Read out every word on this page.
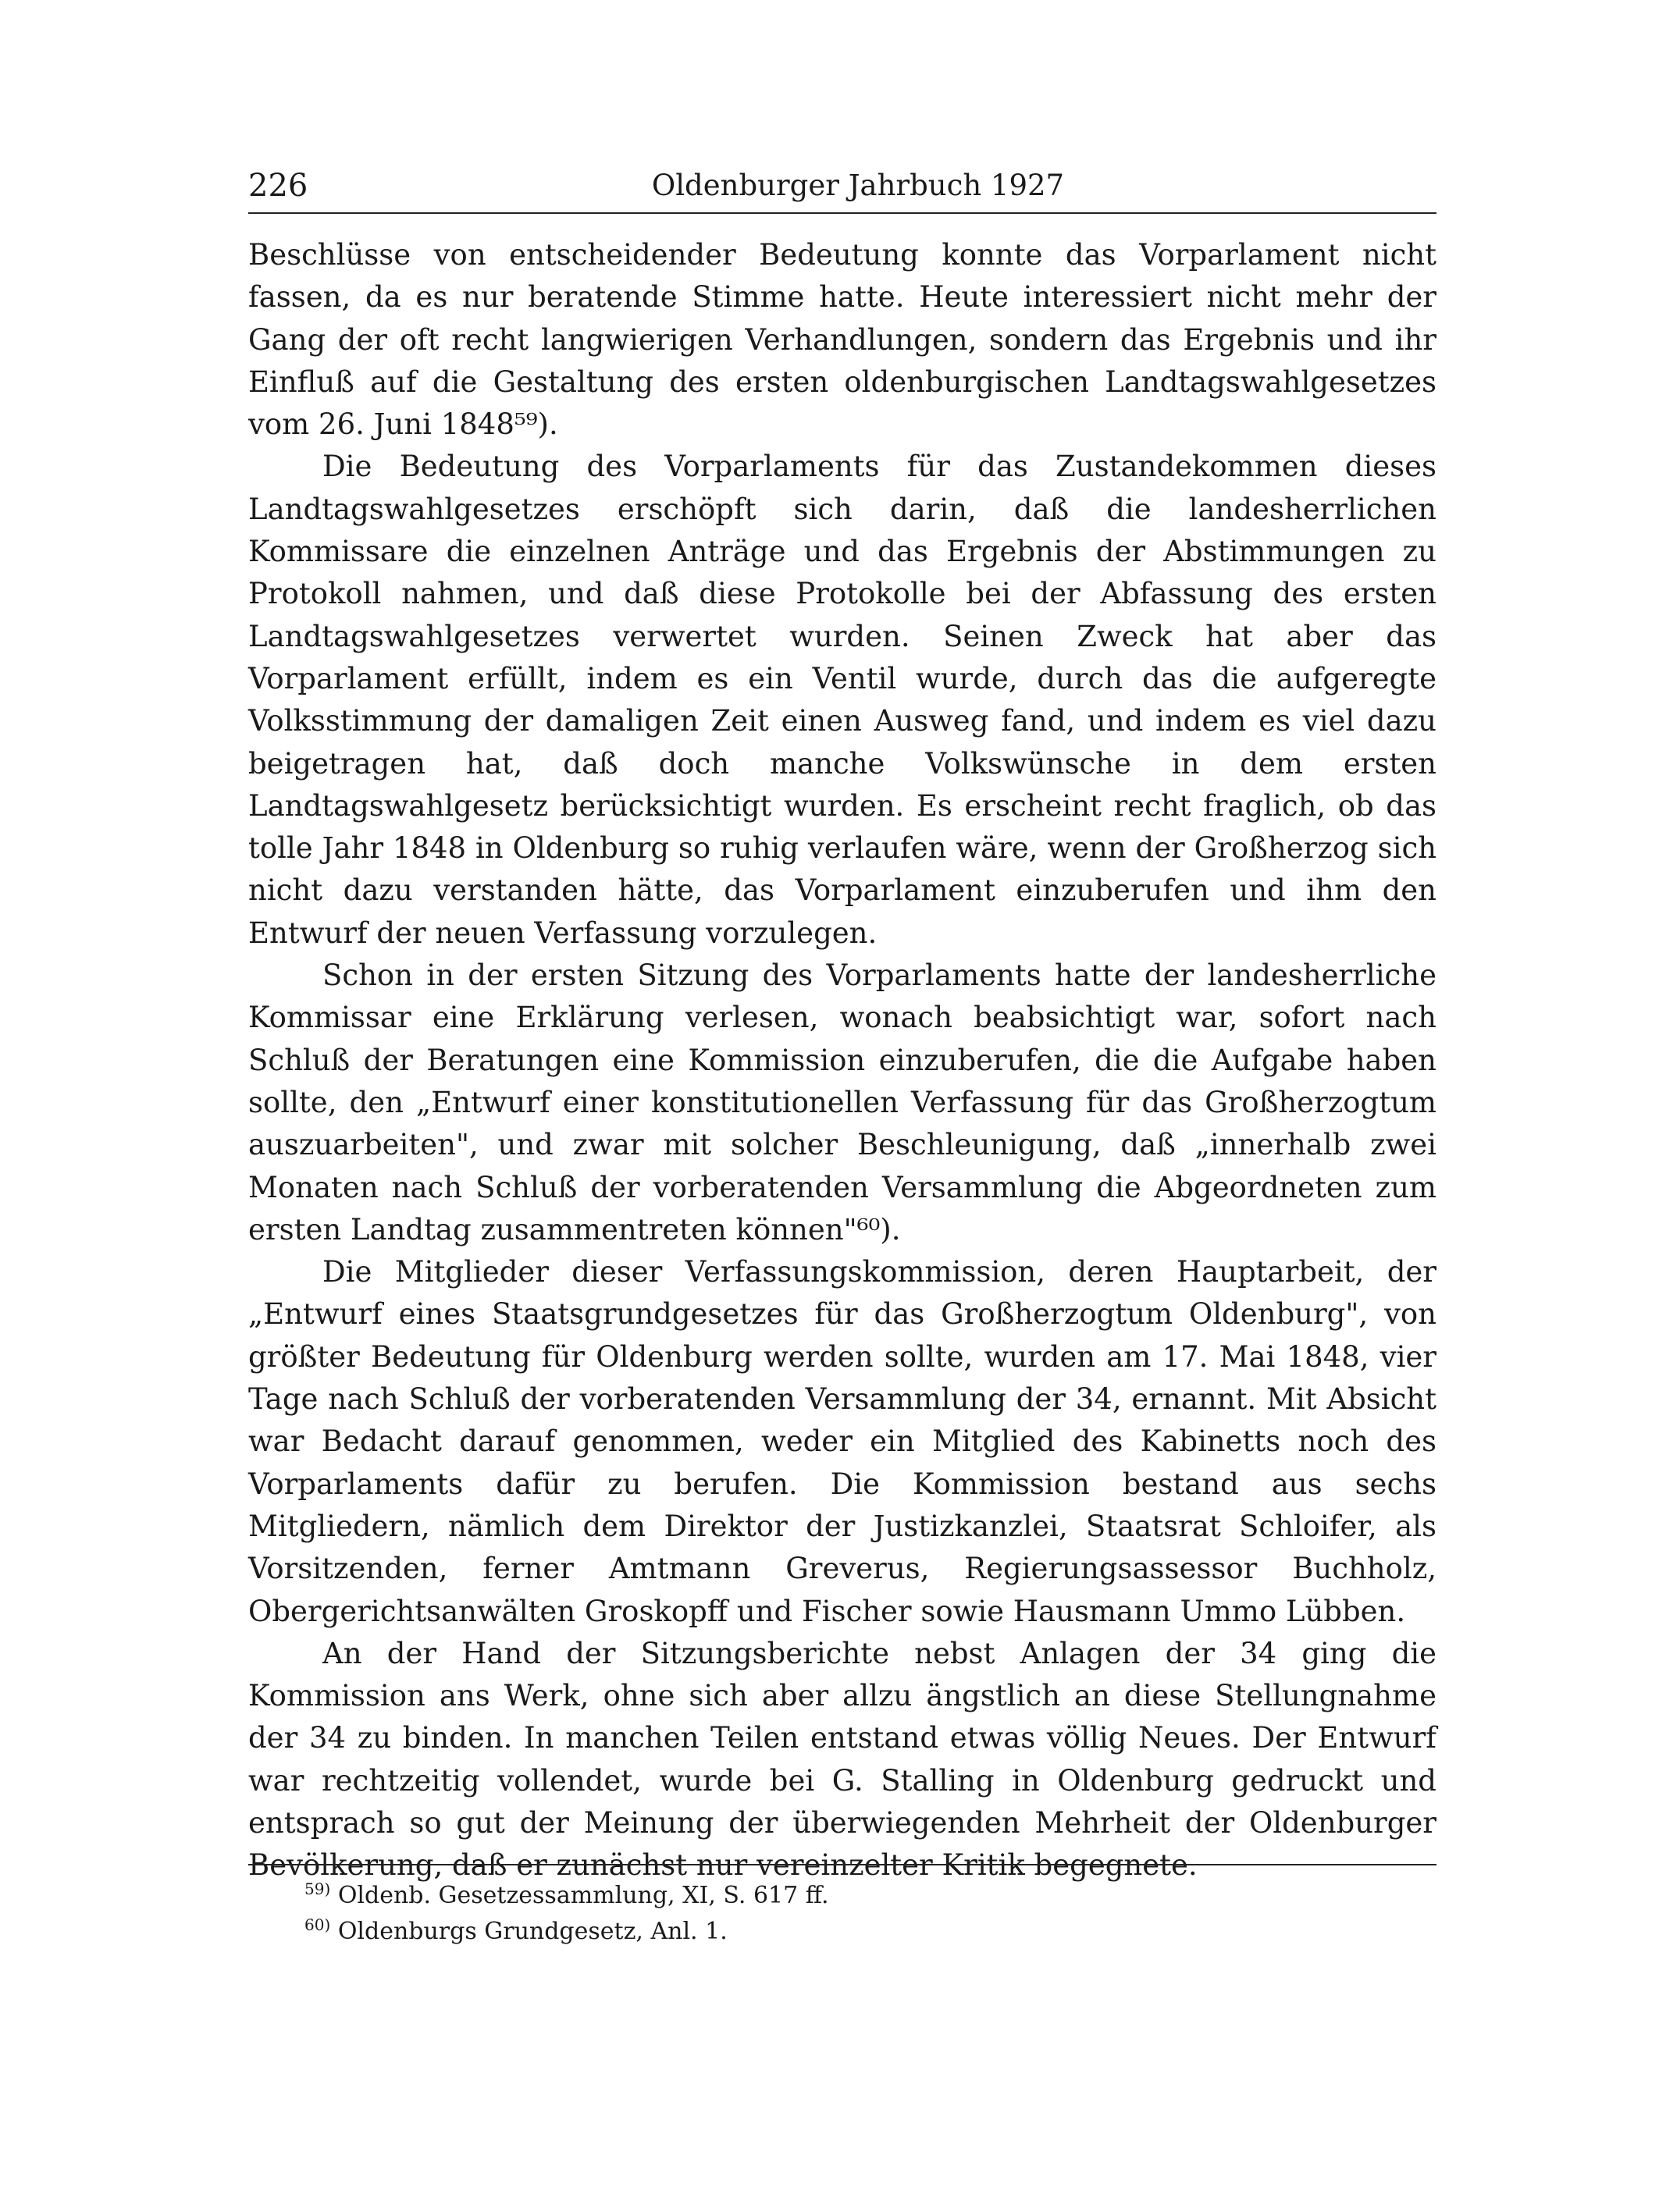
226	Oldenburger Jahrbuch 1927

Beschlüsse von entscheidender Bedeutung konnte das Vorparlament nicht fassen, da es nur beratende Stimme hatte. Heute interessiert nicht mehr der Gang der oft recht langwierigen Verhandlungen, sondern das Ergebnis und ihr Einfluß auf die Gestaltung des ersten oldenburgischen Landtagswahlgesetzes vom 26. Juni 1848⁵⁹).

Die Bedeutung des Vorparlaments für das Zustandekommen dieses Landtagswahlgesetzes erschöpft sich darin, daß die landesherrlichen Kommissare die einzelnen Anträge und das Ergebnis der Abstimmungen zu Protokoll nahmen, und daß diese Protokolle bei der Abfassung des ersten Landtagswahlgesetzes verwertet wurden. Seinen Zweck hat aber das Vorparlament erfüllt, indem es ein Ventil wurde, durch das die aufgeregte Volksstimmung der damaligen Zeit einen Ausweg fand, und indem es viel dazu beigetragen hat, daß doch manche Volkswünsche in dem ersten Landtagswahlgesetz berücksichtigt wurden. Es erscheint recht fraglich, ob das tolle Jahr 1848 in Oldenburg so ruhig verlaufen wäre, wenn der Großherzog sich nicht dazu verstanden hätte, das Vorparlament einzuberufen und ihm den Entwurf der neuen Verfassung vorzulegen.

Schon in der ersten Sitzung des Vorparlaments hatte der landesherrliche Kommissar eine Erklärung verlesen, wonach beabsichtigt war, sofort nach Schluß der Beratungen eine Kommission einzuberufen, die die Aufgabe haben sollte, den „Entwurf einer konstitutionellen Verfassung für das Großherzogtum auszuarbeiten", und zwar mit solcher Beschleunigung, daß „innerhalb zwei Monaten nach Schluß der vorberatenden Versammlung die Abgeordneten zum ersten Landtag zusammentreten können"⁶⁰).

Die Mitglieder dieser Verfassungskommission, deren Hauptarbeit, der „Entwurf eines Staatsgrundgesetzes für das Großherzogtum Oldenburg", von größter Bedeutung für Oldenburg werden sollte, wurden am 17. Mai 1848, vier Tage nach Schluß der vorberatenden Versammlung der 34, ernannt. Mit Absicht war Bedacht darauf genommen, weder ein Mitglied des Kabinetts noch des Vorparlaments dafür zu berufen. Die Kommission bestand aus sechs Mitgliedern, nämlich dem Direktor der Justizkanzlei, Staatsrat Schloifer, als Vorsitzenden, ferner Amtmann Greverus, Regierungsassessor Buchholz, Obergerichtsanwälten Groskopff und Fischer sowie Hausmann Ummo Lübben.

An der Hand der Sitzungsberichte nebst Anlagen der 34 ging die Kommission ans Werk, ohne sich aber allzu ängstlich an diese Stellungnahme der 34 zu binden. In manchen Teilen entstand etwas völlig Neues. Der Entwurf war rechtzeitig vollendet, wurde bei G. Stalling in Oldenburg gedruckt und entsprach so gut der Meinung der überwiegenden Mehrheit der Oldenburger Bevölkerung, daß er zunächst nur vereinzelter Kritik begegnete.

$^{59)}$ Oldenb. Gesetzessammlung, XI, S. 617 ff.

$^{60)}$ Oldenburgs Grundgesetz, Anl. 1.
